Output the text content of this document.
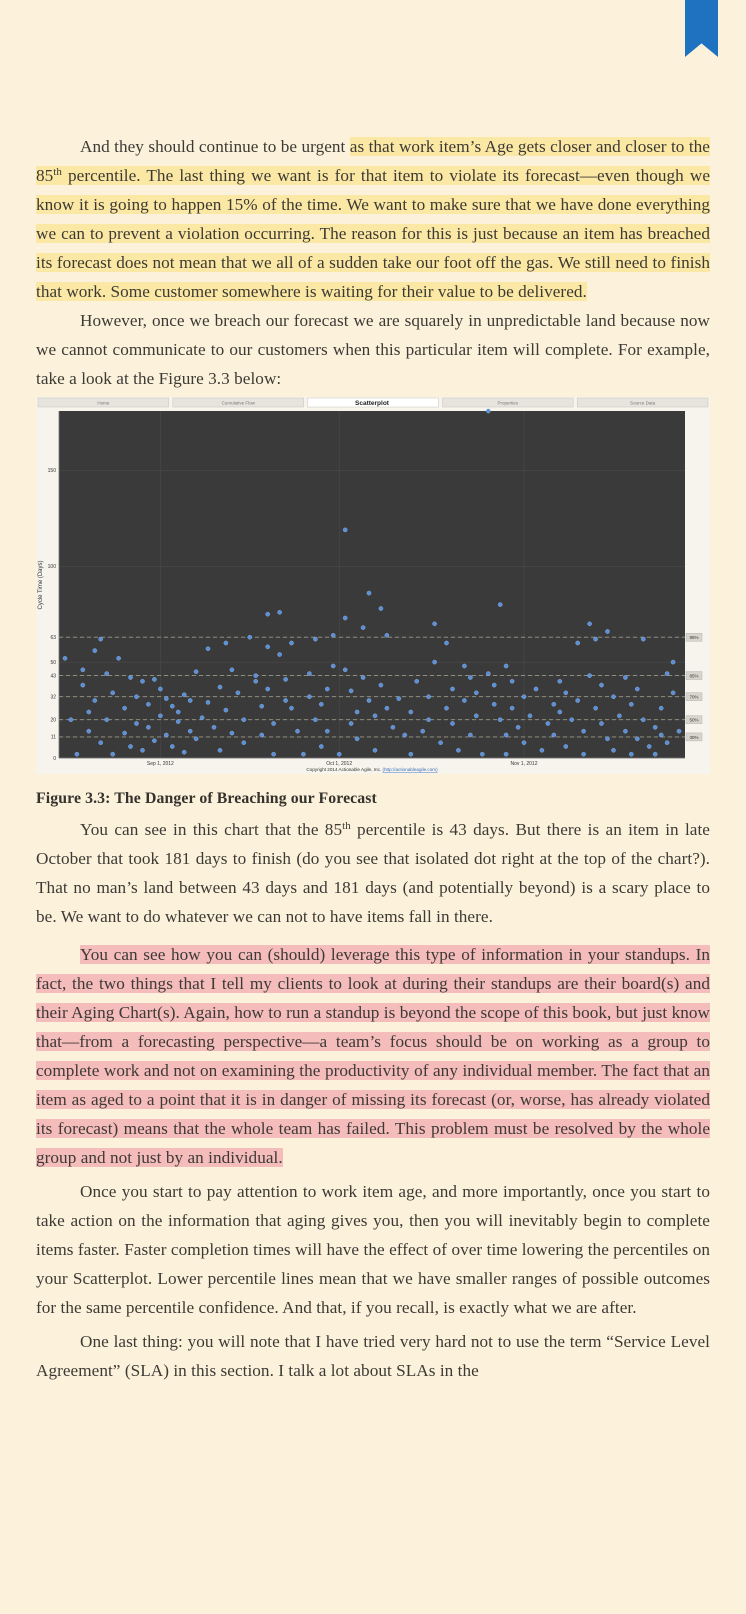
And they should continue to be urgent as that work item’s Age gets closer and closer to the 85th percentile. The last thing we want is for that item to violate its forecast—even though we know it is going to happen 15% of the time. We want to make sure that we have done everything we can to prevent a violation occurring. The reason for this is just because an item has breached its forecast does not mean that we all of a sudden take our foot off the gas. We still need to finish that work. Some customer somewhere is waiting for their value to be delivered.

However, once we breach our forecast we are squarely in unpredictable land because now we cannot communicate to our customers when this particular item will complete. For example, take a look at the Figure 3.3 below:

Home	Cumulative Flow	Properties	Source Data
95%
85%
70%
50%
30%
0
11
20
32
43
50
63
100
150
Sep 1, 2012	Oct 1, 2012	Nov 1, 2012
Cycle Time (Days)
Scatterplot
Copyright 2014 Actionable Agile, Inc. (http://actionableagile.com)
Figure 3.3: The Danger of Breaching our Forecast

You can see in this chart that the 85th percentile is 43 days. But there is an item in late October that took 181 days to finish (do you see that isolated dot right at the top of the chart?). That no man’s land between 43 days and 181 days (and potentially beyond) is a scary place to be. We want to do whatever we can not to have items fall in there.

You can see how you can (should) leverage this type of information in your standups. In fact, the two things that I tell my clients to look at during their standups are their board(s) and their Aging Chart(s). Again, how to run a standup is beyond the scope of this book, but just know that—from a forecasting perspective—a team’s focus should be on working as a group to complete work and not on examining the productivity of any individual member. The fact that an item as aged to a point that it is in danger of missing its forecast (or, worse, has already violated its forecast) means that the whole team has failed. This problem must be resolved by the whole group and not just by an individual.

Once you start to pay attention to work item age, and more importantly, once you start to take action on the information that aging gives you, then you will inevitably begin to complete items faster. Faster completion times will have the effect of over time lowering the percentiles on your Scatterplot. Lower percentile lines mean that we have smaller ranges of possible outcomes for the same percentile confidence. And that, if you recall, is exactly what we are after.

One last thing: you will note that I have tried very hard not to use the term “Service Level Agreement” (SLA) in this section. I talk a lot about SLAs in the
